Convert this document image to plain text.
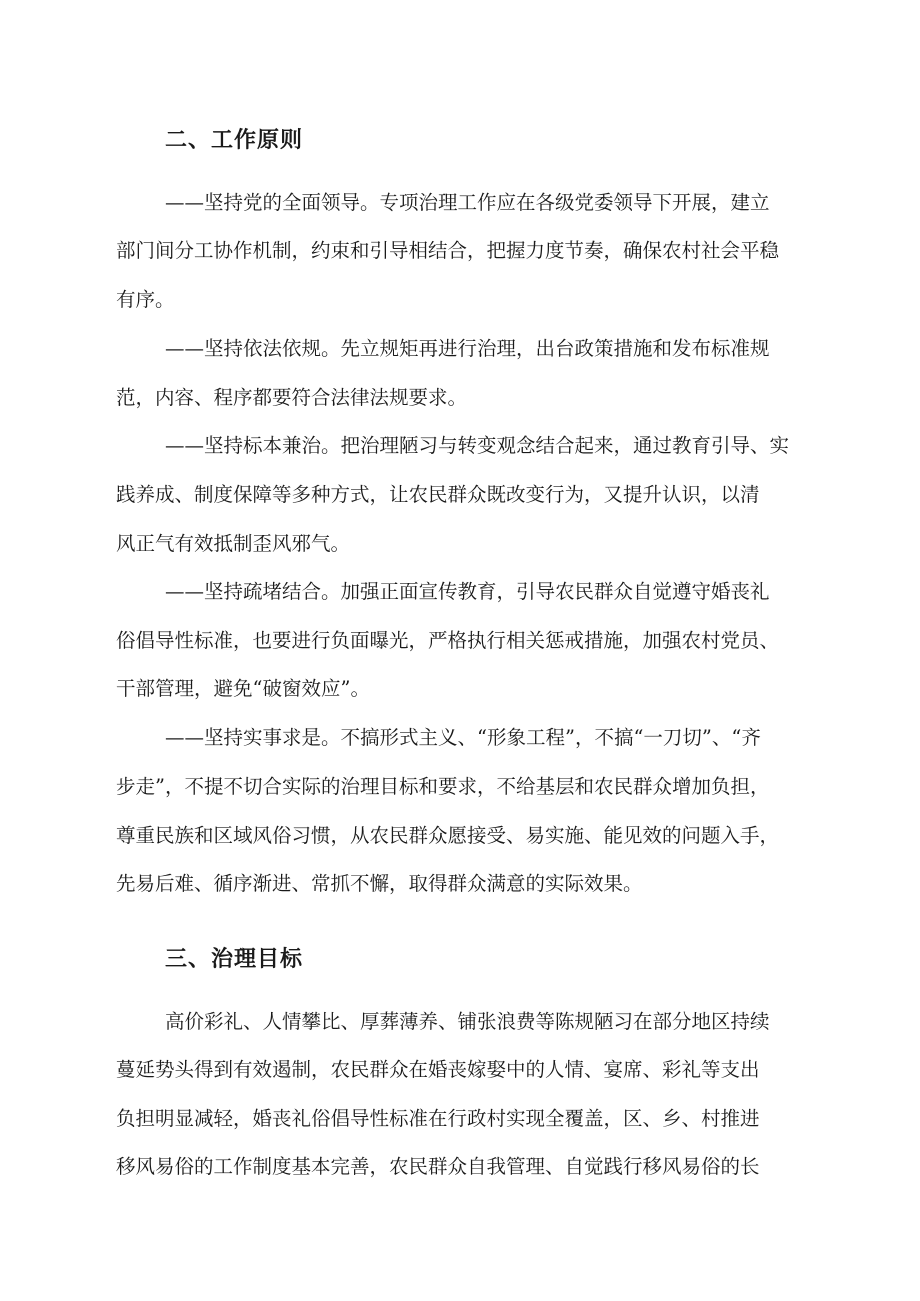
二、工作原则
——坚持党的全面领导。专项治理工作应在各级党委领导下开展，建立
部门间分工协作机制，约束和引导相结合，把握力度节奏，确保农村社会平稳
有序。
——坚持依法依规。先立规矩再进行治理，出台政策措施和发布标准规
范，内容、程序都要符合法律法规要求。
——坚持标本兼治。把治理陋习与转变观念结合起来，通过教育引导、实
践养成、制度保障等多种方式，让农民群众既改变行为，又提升认识，以清
风正气有效抵制歪风邪气。
——坚持疏堵结合。加强正面宣传教育，引导农民群众自觉遵守婚丧礼
俗倡导性标准，也要进行负面曝光，严格执行相关惩戒措施，加强农村党员、
干部管理，避免“破窗效应”。
——坚持实事求是。不搞形式主义、“形象工程”，不搞“一刀切”、“齐
步走”，不提不切合实际的治理目标和要求，不给基层和农民群众增加负担，
尊重民族和区域风俗习惯，从农民群众愿接受、易实施、能见效的问题入手，
先易后难、循序渐进、常抓不懈，取得群众满意的实际效果。
三、治理目标
高价彩礼、人情攀比、厚葬薄养、铺张浪费等陈规陋习在部分地区持续
蔓延势头得到有效遏制，农民群众在婚丧嫁娶中的人情、宴席、彩礼等支出
负担明显减轻，婚丧礼俗倡导性标准在行政村实现全覆盖，区、乡、村推进
移风易俗的工作制度基本完善，农民群众自我管理、自觉践行移风易俗的长
